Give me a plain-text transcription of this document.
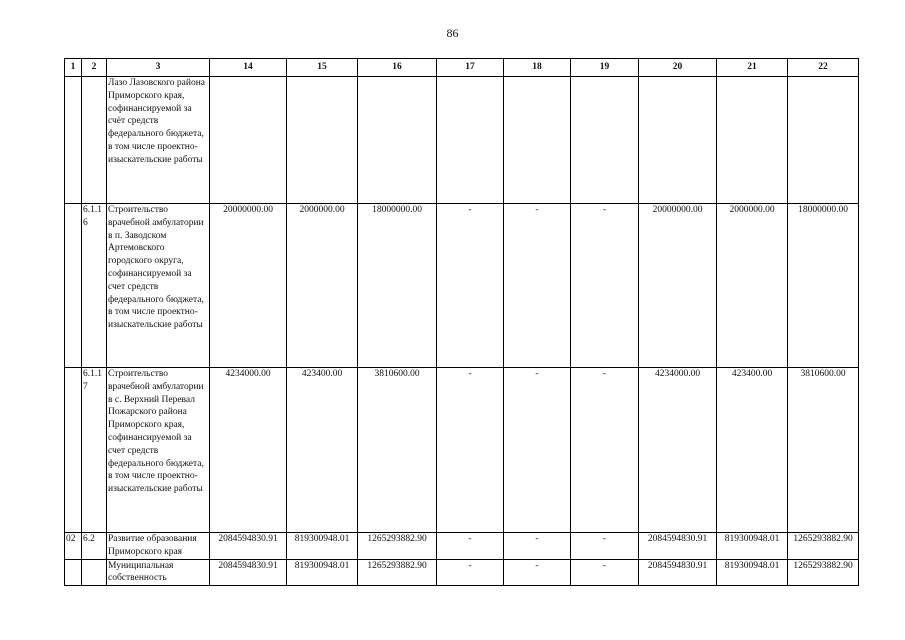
86
1	2	3	14	15	16	17	18	19	20	21	22
		Лазо Лазовского района Приморского края, софинансируемой за счёт средств федерального бюджета, в том числе проектно-изыскательские работы									
	6.1.16	Строительство врачебной амбулатории в п. Заводском Артемовского городского округа, софинансируемой за счет средств федерального бюджета, в том числе проектно-изыскательские работы	20000000.00	2000000.00	18000000.00	-	-	-	20000000.00	2000000.00	18000000.00
	6.1.17	Строительство врачебной амбулатории в с. Верхний Перевал Пожарского района Приморского края, софинансируемой за счет средств федерального бюджета, в том числе проектно-изыскательские работы	4234000.00	423400.00	3810600.00	-	-	-	4234000.00	423400.00	3810600.00
02	6.2	Развитие образования Приморского края	2084594830.91	819300948.01	1265293882.90	-	-	-	2084594830.91	819300948.01	1265293882.90
		Муниципальная собственность	2084594830.91	819300948.01	1265293882.90	-	-	-	2084594830.91	819300948.01	1265293882.90
